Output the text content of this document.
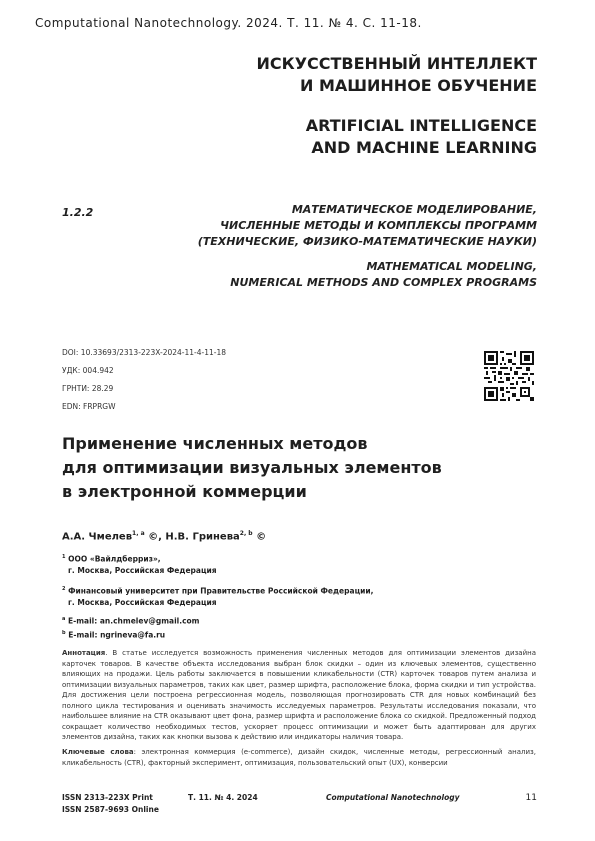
Computational Nanotechnology. 2024. Т. 11. № 4. С. 11-18.
ИСКУССТВЕННЫЙ ИНТЕЛЛЕКТ
И МАШИННОЕ ОБУЧЕНИЕ
ARTIFICIAL INTELLIGENCE
AND MACHINE LEARNING
1.2.2	МАТЕМАТИЧЕСКОЕ МОДЕЛИРОВАНИЕ,
ЧИСЛЕННЫЕ МЕТОДЫ И КОМПЛЕКСЫ ПРОГРАММ
(ТЕХНИЧЕСКИЕ, ФИЗИКО-МАТЕМАТИЧЕСКИЕ НАУКИ)
MATHEMATICAL MODELING,
NUMERICAL METHODS AND COMPLEX PROGRAMS
DOI: 10.33693/2313-223X-2024-11-4-11-18
УДК: 004.942
ГРНТИ: 28.29
EDN: FRPRGW
Применение численных методов
для оптимизации визуальных элементов
в электронной коммерции
А.А. Чмелев$^{1, a}$ ©, Н.В. Гринева$^{2, b}$ ©
$^1$ ООО «Вайлдберриз»,
г. Москва, Российская Федерация
$^2$ Финансовый университет при Правительстве Российской Федерации,
г. Москва, Российская Федерация
$^a$ E-mail: an.chmelev@gmail.com
$^b$ E-mail: ngrineva@fa.ru
Аннотация. В статье исследуется возможность применения численных методов для оптимизации элементов дизайна карточек товаров. В качестве объекта исследования выбран блок скидки – один из ключевых элементов, существенно влияющих на продажи. Цель работы заключается в повышении кликабельности (CTR) карточек товаров путем анализа и оптимизации визуальных параметров, таких как цвет, размер шрифта, расположение блока, форма скидки и тип устройства. Для достижения цели построена регрессионная модель, позволяющая прогнозировать CTR для новых комбинаций без полного цикла тестирования и оценивать значимость исследуемых параметров. Результаты исследования показали, что наибольшее влияние на CTR оказывают цвет фона, размер шрифта и расположение блока со скидкой. Предложенный подход сокращает количество необходимых тестов, ускоряет процесс оптимизации и может быть адаптирован для других элементов дизайна, таких как кнопки вызова к действию или индикаторы наличия товара.
Ключевые слова: электронная коммерция (e-commerce), дизайн скидок, численные методы, регрессионный анализ, кликабельность (CTR), факторный эксперимент, оптимизация, пользовательский опыт (UX), конверсии
ISSN 2313-223X Print
ISSN 2587-9693 Online
Т. 11. № 4. 2024	Computational Nanotechnology	11
